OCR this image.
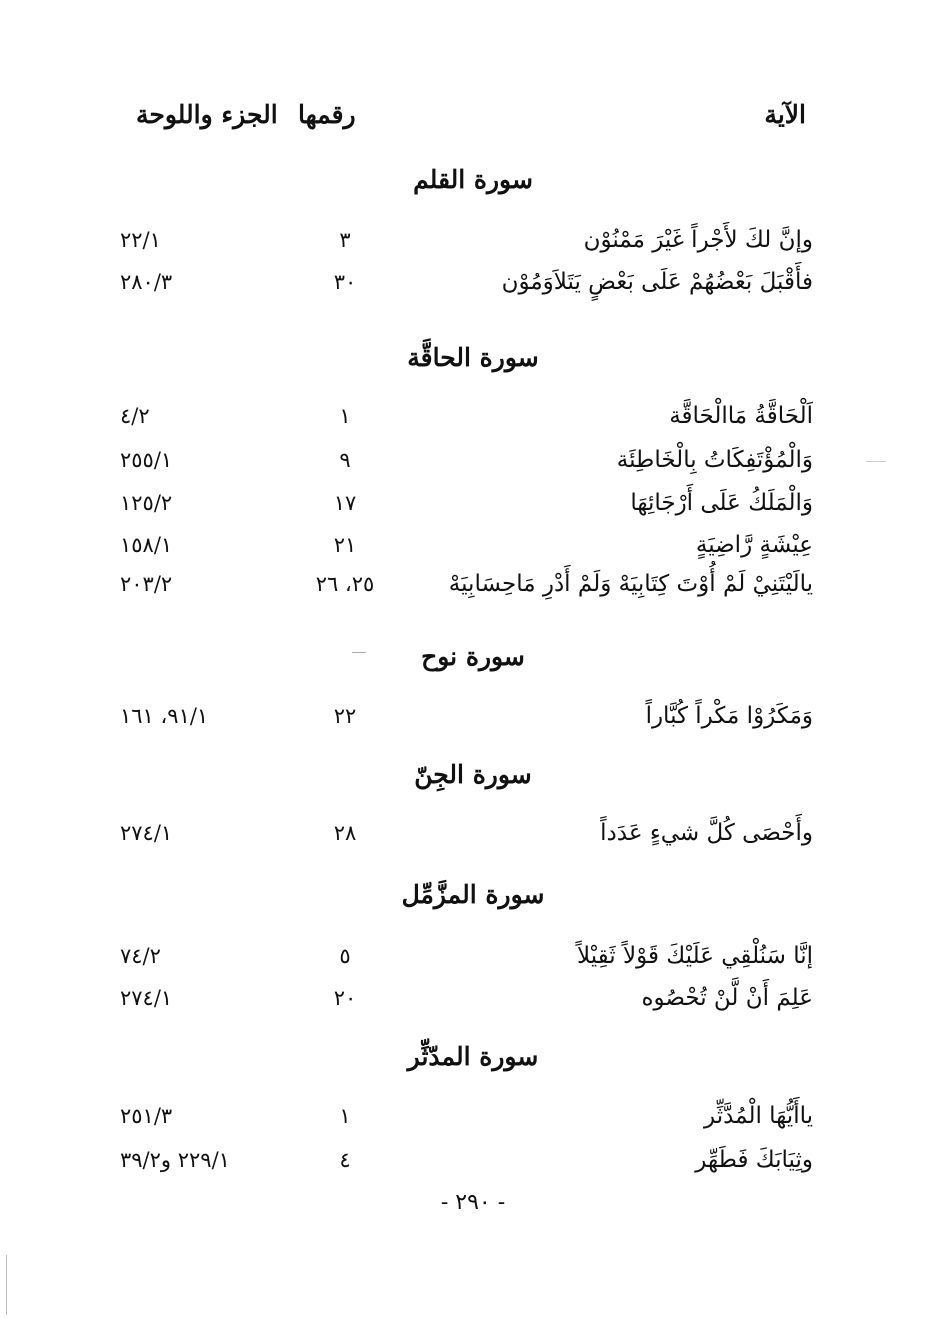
الآية
رقمها
الجزء واللوحة
سورة القلم
وإنَّ لكَ لأَجْراً غَيْرَ مَمْنُوْن
٣
٢٢/١
فأَقْبَلَ بَعْضُهُمْ عَلَى بَعْضٍ يَتَلاَوَمُوْن
٣٠
٢٨٠/٣
سورة الحاقَّة
اَلْحَاقَّةُ مَاالْحَاقَّة
١
٤/٢
وَالْمُؤْتَفِكَاتُ بِالْخَاطِئَة
٩
٢٥٥/١
وَالْمَلَكُ عَلَى أَرْجَائِهَا
١٧
١٢٥/٢
عِيْشَةٍ رَّاضِيَةٍ
٢١
١٥٨/١
يالَيْتَنِيْ لَمْ أُوْتَ كِتَابِيَهْ وَلَمْ أَدْرِ مَاحِسَابِيَهْ
٢٥، ٢٦
٢٠٣/٢
سورة نوح
وَمَكَرُوْا مَكْراً كُبَّاراً
٢٢
٩١/١، ١٦١
سورة الجِنّ
وأَحْصَى كُلَّ شيءٍ عَدَداً
٢٨
٢٧٤/١
سورة المزَّمِّل
إنَّا سَنُلْقِي عَلَيْكَ قَوْلاً ثَقِيْلاً
٥
٧٤/٢
عَلِمَ أَنْ لَّنْ تُحْصُوه
٢٠
٢٧٤/١
سورة المدّثِّر
ياأَيُّهَا الْمُدَّثِّر
١
٢٥١/٣
وثِيَابَكَ فَطَهِّر
٤
٢٢٩/١ و٣٩/٢
- ٢٩٠ -
